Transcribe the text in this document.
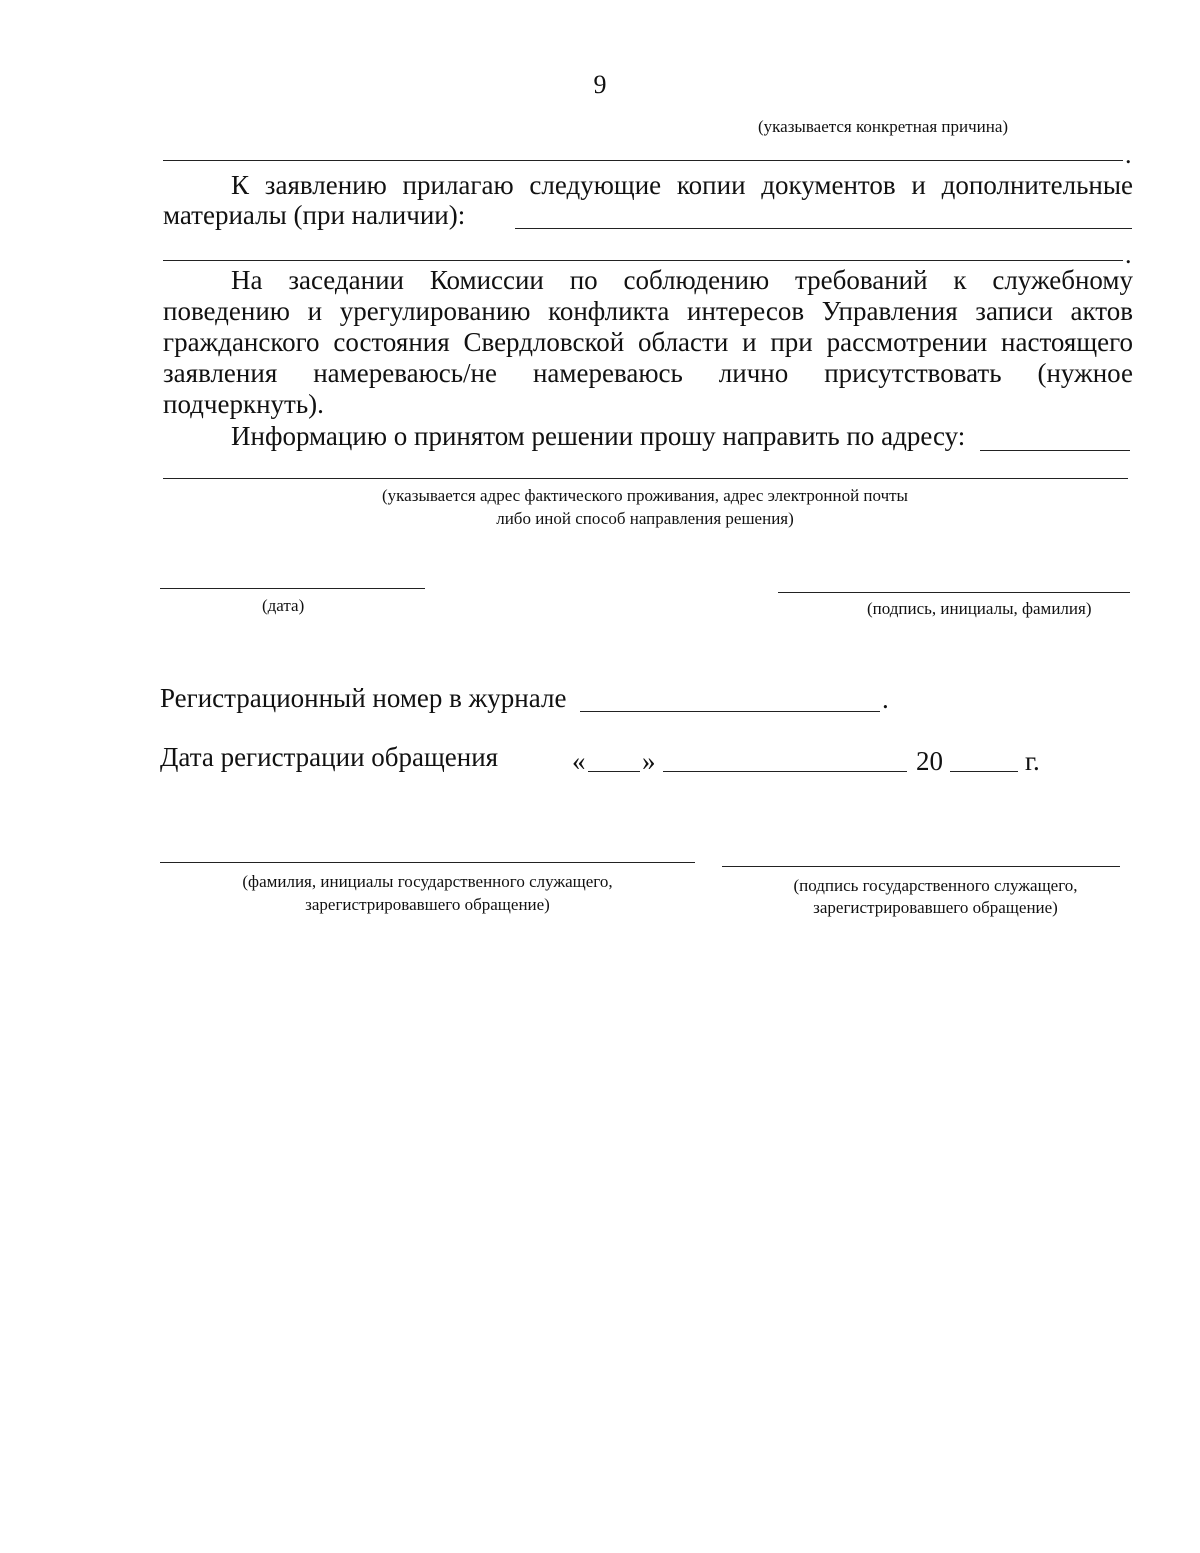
9
(указывается конкретная причина)
.
К заявлению прилагаю следующие копии документов и дополнительные
материалы (при наличии):
.
На заседании Комиссии по соблюдению требований к служебному
поведению и урегулированию конфликта интересов Управления записи актов
гражданского состояния Свердловской области и при рассмотрении настоящего
заявления намереваюсь/не намереваюсь лично присутствовать (нужное
подчеркнуть).
Информацию о принятом решении прошу направить по адресу:
(указывается адрес фактического проживания, адрес электронной почты
либо иной способ направления решения)
(дата)	(подпись, инициалы, фамилия)
Регистрационный номер в журнале	.
Дата регистрации обращения	« »	20	г.
(фамилия, инициалы государственного служащего,
зарегистрировавшего обращение)
(подпись государственного служащего,
зарегистрировавшего обращение)
